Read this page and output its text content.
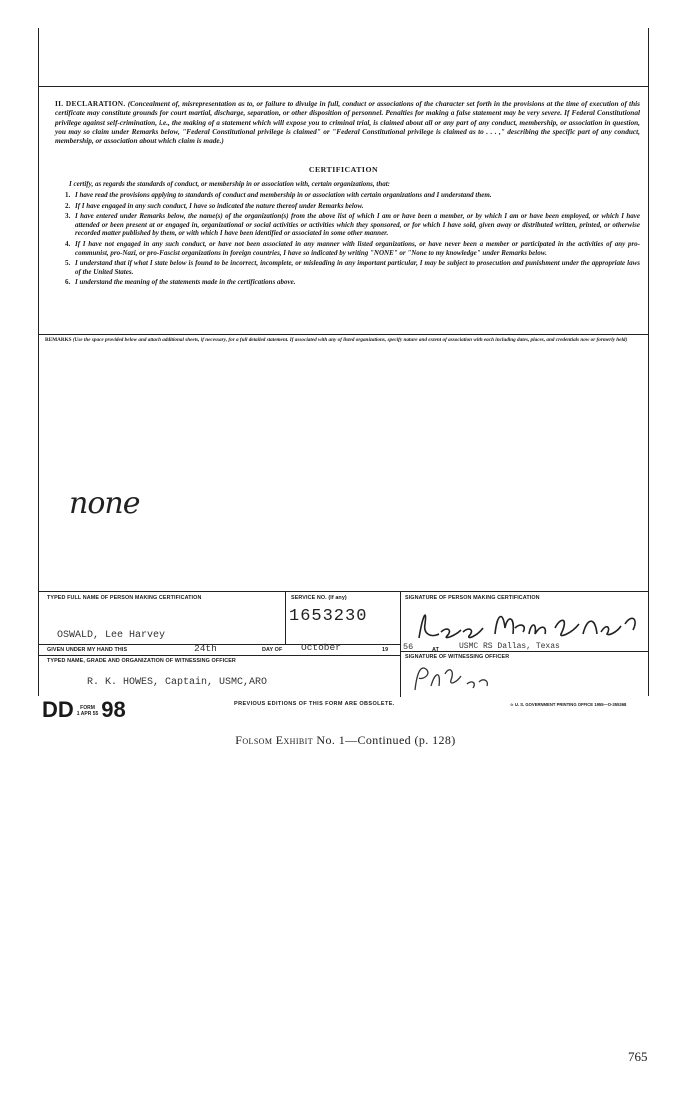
II. DECLARATION. (Concealment of, misrepresentation as to, or failure to divulge in full, conduct or associations of the character set forth in the provisions at the time of execution of this certificate may constitute grounds for court martial, discharge, separation, or other disposition of personnel. Penalties for making a false statement may be very severe. If Federal Constitutional privilege against self-crimination, i.e., the making of a statement which will expose you to criminal trial, is claimed about all or any part of any conduct, membership, or association in question, you may so claim under Remarks below, "Federal Constitutional privilege is claimed" or "Federal Constitutional privilege is claimed as to . . . ," describing the specific part of any conduct, membership, or association about which claim is made.)
CERTIFICATION
I certify, as regards the standards of conduct, or membership in or association with, certain organizations, that:
1. I have read the provisions applying to standards of conduct and membership in or association with certain organizations and I understand them.
2. If I have engaged in any such conduct, I have so indicated the nature thereof under Remarks below.
3. I have entered under Remarks below, the name(s) of the organization(s) from the above list of which I am or have been a member, or by which I am or have been employed, or which I have attended or been present at or engaged in, organizational or social activities or activities which they sponsored, or for which I have sold, given away or distributed written, printed, or otherwise recorded matter published by them, or with which I have been identified or associated in some other manner.
4. If I have not engaged in any such conduct, or have not been associated in any manner with listed organizations, or have never been a member or participated in the activities of any pro-communist, pro-Nazi, or pro-Fascist organizations in foreign countries, I have so indicated by writing "NONE" or "None to my knowledge" under Remarks below.
5. I understand that if what I state below is found to be incorrect, incomplete, or misleading in any important particular, I may be subject to prosecution and punishment under the appropriate laws of the United States.
6. I understand the meaning of the statements made in the certifications above.
REMARKS (Use the space provided below and attach additional sheets, if necessary, for a full detailed statement. If associated with any of listed organizations, specify nature and extent of association with each including dates, places, and credentials now or formerly held)
none
TYPED FULL NAME OF PERSON MAKING CERTIFICATION
OSWALD, Lee Harvey
SERVICE NO. (If any)
1653230
SIGNATURE OF PERSON MAKING CERTIFICATION
GIVEN UNDER MY HAND THIS	24th	DAY OF October	19 56	AT	USMC RS Dallas, Texas
TYPED NAME, GRADE AND ORGANIZATION OF WITNESSING OFFICER
R. K. HOWES, Captain, USMC,ARO
SIGNATURE OF WITNESSING OFFICER
DD FORM
1 APR 55 98	PREVIOUS EDITIONS OF THIS FORM ARE OBSOLETE.	☆ U. S. GOVERNMENT PRINTING OFFICE 1955—O-355368
Folsom Exhibit No. 1—Continued (p. 128)
765
